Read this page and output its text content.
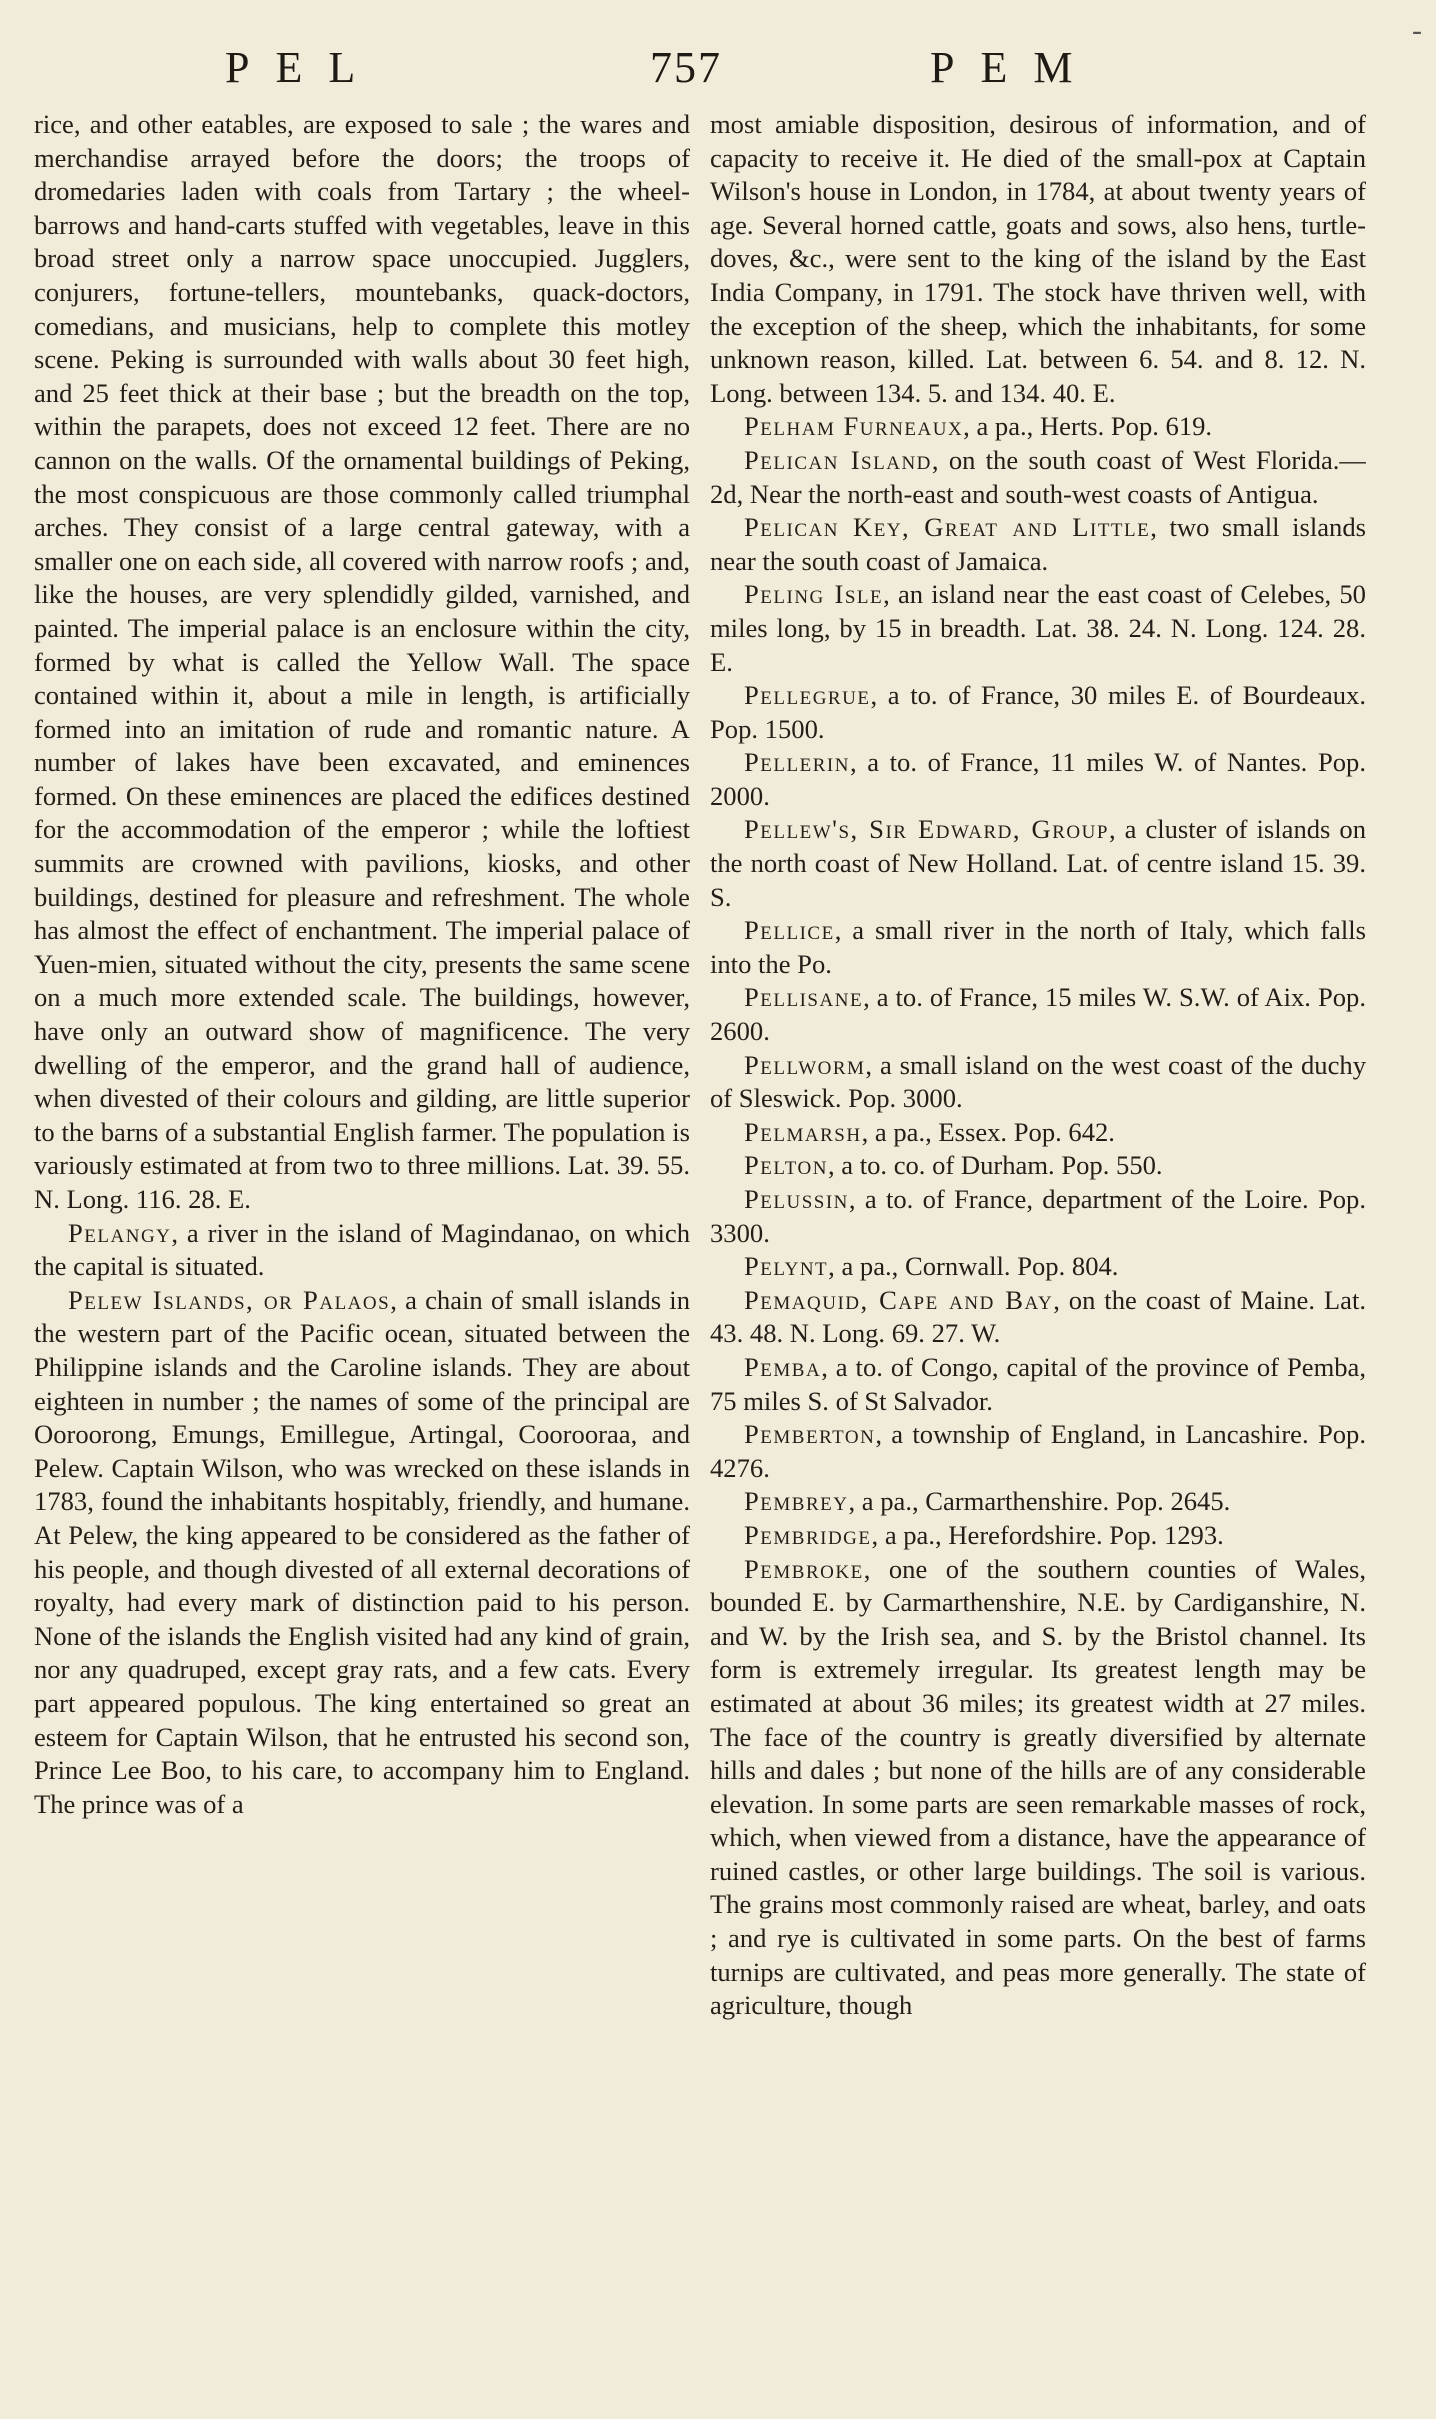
PEL	757	PEM
-

rice, and other eatables, are exposed to sale ; the wares and merchandise arrayed before the doors; the troops of dromedaries laden with coals from Tartary ; the wheel-barrows and hand-carts stuffed with vegetables, leave in this broad street only a narrow space unoccupied. Jugglers, conjurers, fortune-tellers, mountebanks, quack-doctors, comedians, and musicians, help to complete this motley scene. Peking is surrounded with walls about 30 feet high, and 25 feet thick at their base ; but the breadth on the top, within the parapets, does not exceed 12 feet. There are no cannon on the walls. Of the ornamental buildings of Peking, the most conspicuous are those commonly called triumphal arches. They consist of a large central gateway, with a smaller one on each side, all covered with narrow roofs ; and, like the houses, are very splendidly gilded, varnished, and painted. The imperial palace is an enclosure within the city, formed by what is called the Yellow Wall. The space contained within it, about a mile in length, is artificially formed into an imitation of rude and romantic nature. A number of lakes have been excavated, and eminences formed. On these eminences are placed the edifices destined for the accommodation of the emperor ; while the loftiest summits are crowned with pavilions, kiosks, and other buildings, destined for pleasure and refreshment. The whole has almost the effect of enchantment. The imperial palace of Yuen-mien, situated without the city, presents the same scene on a much more extended scale. The buildings, however, have only an outward show of magnificence. The very dwelling of the emperor, and the grand hall of audience, when divested of their colours and gilding, are little superior to the barns of a substantial English farmer. The population is variously estimated at from two to three millions. Lat. 39. 55. N. Long. 116. 28. E.

Pelangy, a river in the island of Magindanao, on which the capital is situated.

Pelew Islands, or Palaos, a chain of small islands in the western part of the Pacific ocean, situated between the Philippine islands and the Caroline islands. They are about eighteen in number ; the names of some of the principal are Ooroorong, Emungs, Emillegue, Artingal, Coorooraa, and Pelew. Captain Wilson, who was wrecked on these islands in 1783, found the inhabitants hospitably, friendly, and humane. At Pelew, the king appeared to be considered as the father of his people, and though divested of all external decorations of royalty, had every mark of distinction paid to his person. None of the islands the English visited had any kind of grain, nor any quadruped, except gray rats, and a few cats. Every part appeared populous. The king entertained so great an esteem for Captain Wilson, that he entrusted his second son, Prince Lee Boo, to his care, to accompany him to England. The prince was of a

most amiable disposition, desirous of information, and of capacity to receive it. He died of the small-pox at Captain Wilson's house in London, in 1784, at about twenty years of age. Several horned cattle, goats and sows, also hens, turtle-doves, &c., were sent to the king of the island by the East India Company, in 1791. The stock have thriven well, with the exception of the sheep, which the inhabitants, for some unknown reason, killed. Lat. between 6. 54. and 8. 12. N. Long. between 134. 5. and 134. 40. E.

Pelham Furneaux, a pa., Herts. Pop. 619.

Pelican Island, on the south coast of West Florida.—2d, Near the north-east and south-west coasts of Antigua.

Pelican Key, Great and Little, two small islands near the south coast of Jamaica.

Peling Isle, an island near the east coast of Celebes, 50 miles long, by 15 in breadth. Lat. 38. 24. N. Long. 124. 28. E.

Pellegrue, a to. of France, 30 miles E. of Bourdeaux. Pop. 1500.

Pellerin, a to. of France, 11 miles W. of Nantes. Pop. 2000.

Pellew's, Sir Edward, Group, a cluster of islands on the north coast of New Holland. Lat. of centre island 15. 39. S.

Pellice, a small river in the north of Italy, which falls into the Po.

Pellisane, a to. of France, 15 miles W. S.W. of Aix. Pop. 2600.

Pellworm, a small island on the west coast of the duchy of Sleswick. Pop. 3000.

Pelmarsh, a pa., Essex. Pop. 642.

Pelton, a to. co. of Durham. Pop. 550.

Pelussin, a to. of France, department of the Loire. Pop. 3300.

Pelynt, a pa., Cornwall. Pop. 804.

Pemaquid, Cape and Bay, on the coast of Maine. Lat. 43. 48. N. Long. 69. 27. W.

Pemba, a to. of Congo, capital of the province of Pemba, 75 miles S. of St Salvador.

Pemberton, a township of England, in Lancashire. Pop. 4276.

Pembrey, a pa., Carmarthenshire. Pop. 2645.

Pembridge, a pa., Herefordshire. Pop. 1293.

Pembroke, one of the southern counties of Wales, bounded E. by Carmarthenshire, N.E. by Cardiganshire, N. and W. by the Irish sea, and S. by the Bristol channel. Its form is extremely irregular. Its greatest length may be estimated at about 36 miles; its greatest width at 27 miles. The face of the country is greatly diversified by alternate hills and dales ; but none of the hills are of any considerable elevation. In some parts are seen remarkable masses of rock, which, when viewed from a distance, have the appearance of ruined castles, or other large buildings. The soil is various. The grains most commonly raised are wheat, barley, and oats ; and rye is cultivated in some parts. On the best of farms turnips are cultivated, and peas more generally. The state of agriculture, though
